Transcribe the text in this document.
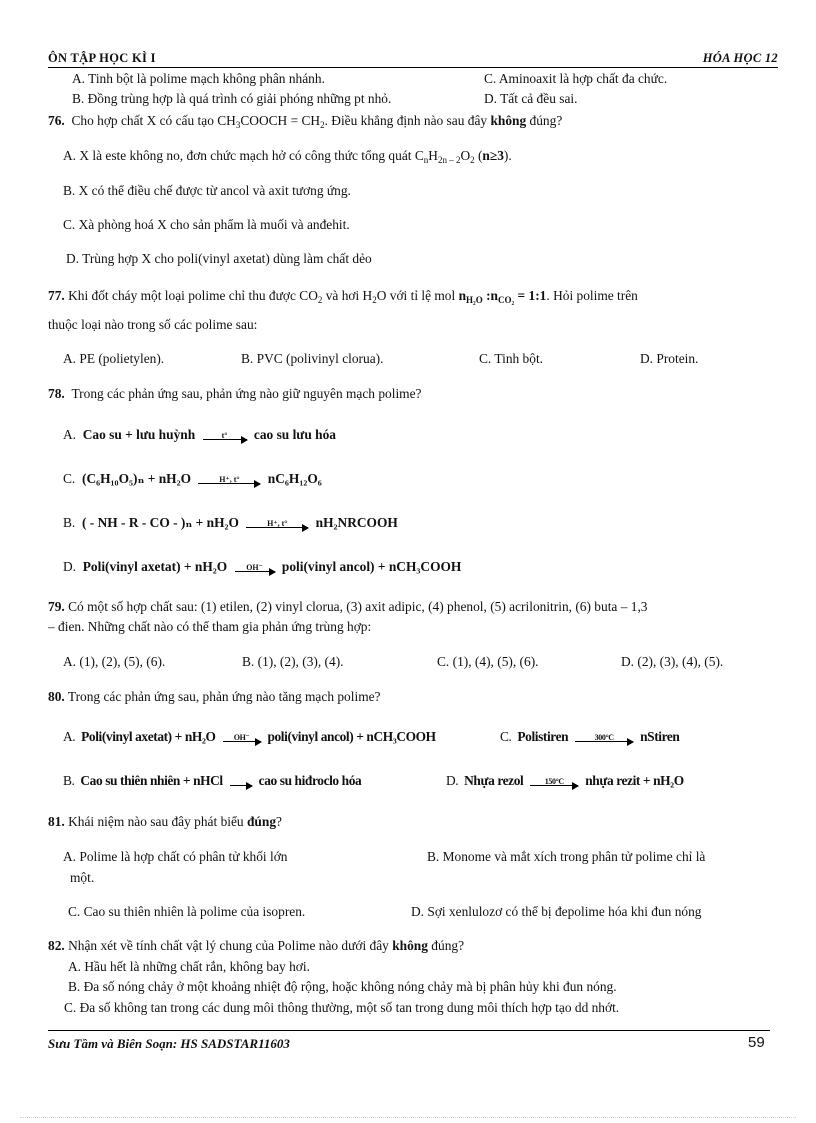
ÔN TẬP HỌC KÌ I	HÓA HỌC 12
A. Tinh bột là polime mạch không phân nhánh.	C. Aminoaxit là hợp chất đa chức.
B. Đồng trùng hợp là quá trình có giải phóng những pt nhỏ.	D. Tất cả đều sai.
76. Cho hợp chất X có cấu tạo $CH_3COOCH = CH_2$. Điều khẳng định nào sau đây không đúng?
A. X là este không no, đơn chức mạch hở có công thức tổng quát $C_nH_{2n - 2}O_2$ (n≥3).
B. X có thể điều chế được từ ancol và axit tương ứng.
C. Xà phòng hoá X cho sản phẩm là muối và anđehit.
D. Trùng hợp X cho poli(vinyl axetat) dùng làm chất dẻo
77. Khi đốt cháy một loại polime chỉ thu được $CO_2$ và hơi $H_2O$ với tỉ lệ mol $n_{H_2O}$ $:n_{CO_2}$ = 1:1. Hỏi polime trên
thuộc loại nào trong số các polime sau:
A. PE (polietylen).	B. PVC (polivinyl clorua).	C. Tinh bột.	D. Protein.
78. Trong các phản ứng sau, phản ứng nào giữ nguyên mạch polime?
A. Cao su + lưu huỳnh	t°	cao su lưu hóa
C. (C₆H₁₀O₅)ₙ + nH₂O	H⁺, t°	nC₆H₁₂O₆
B. ( - NH - R - CO - )ₙ + nH₂O	H⁺, t°	nH₂NRCOOH
D. Poli(vinyl axetat) + nH₂O	OH⁻	poli(vinyl ancol) + nCH₃COOH
79. Có một số hợp chất sau: (1) etilen, (2) vinyl clorua, (3) axit adipic, (4) phenol, (5) acrilonitrin, (6) buta – 1,3
– đien. Những chất nào có thể tham gia phản ứng trùng hợp:
A. (1), (2), (5), (6).	B. (1), (2), (3), (4).	C. (1), (4), (5), (6).	D. (2), (3), (4), (5).
80. Trong các phản ứng sau, phản ứng nào tăng mạch polime?
A. Poli(vinyl axetat) + nH₂O	OH⁻	poli(vinyl ancol) + nCH₃COOH	C. Polistiren	300°C	nStiren
B. Cao su thiên nhiên + nHCl → cao su hiđroclo hóa	D. Nhựa rezol	150°C	nhựa rezit + nH₂O
81. Khái niệm nào sau đây phát biểu đúng?
A. Polime là hợp chất có phân tử khối lớn	B. Monome và mắt xích trong phân tử polime chỉ là
một.
C. Cao su thiên nhiên là polime của isopren.	D. Sợi xenlulozơ có thể bị đepolime hóa khi đun nóng
82. Nhận xét về tính chất vật lý chung của Polime nào dưới đây không đúng?
A. Hầu hết là những chất rắn, không bay hơi.
B. Đa số nóng chảy ở một khoảng nhiệt độ rộng, hoặc không nóng chảy mà bị phân hủy khi đun nóng.
C. Đa số không tan trong các dung môi thông thường, một số tan trong dung môi thích hợp tạo dd nhớt.
Sưu Tầm và Biên Soạn: HS SADSTAR11603	59
